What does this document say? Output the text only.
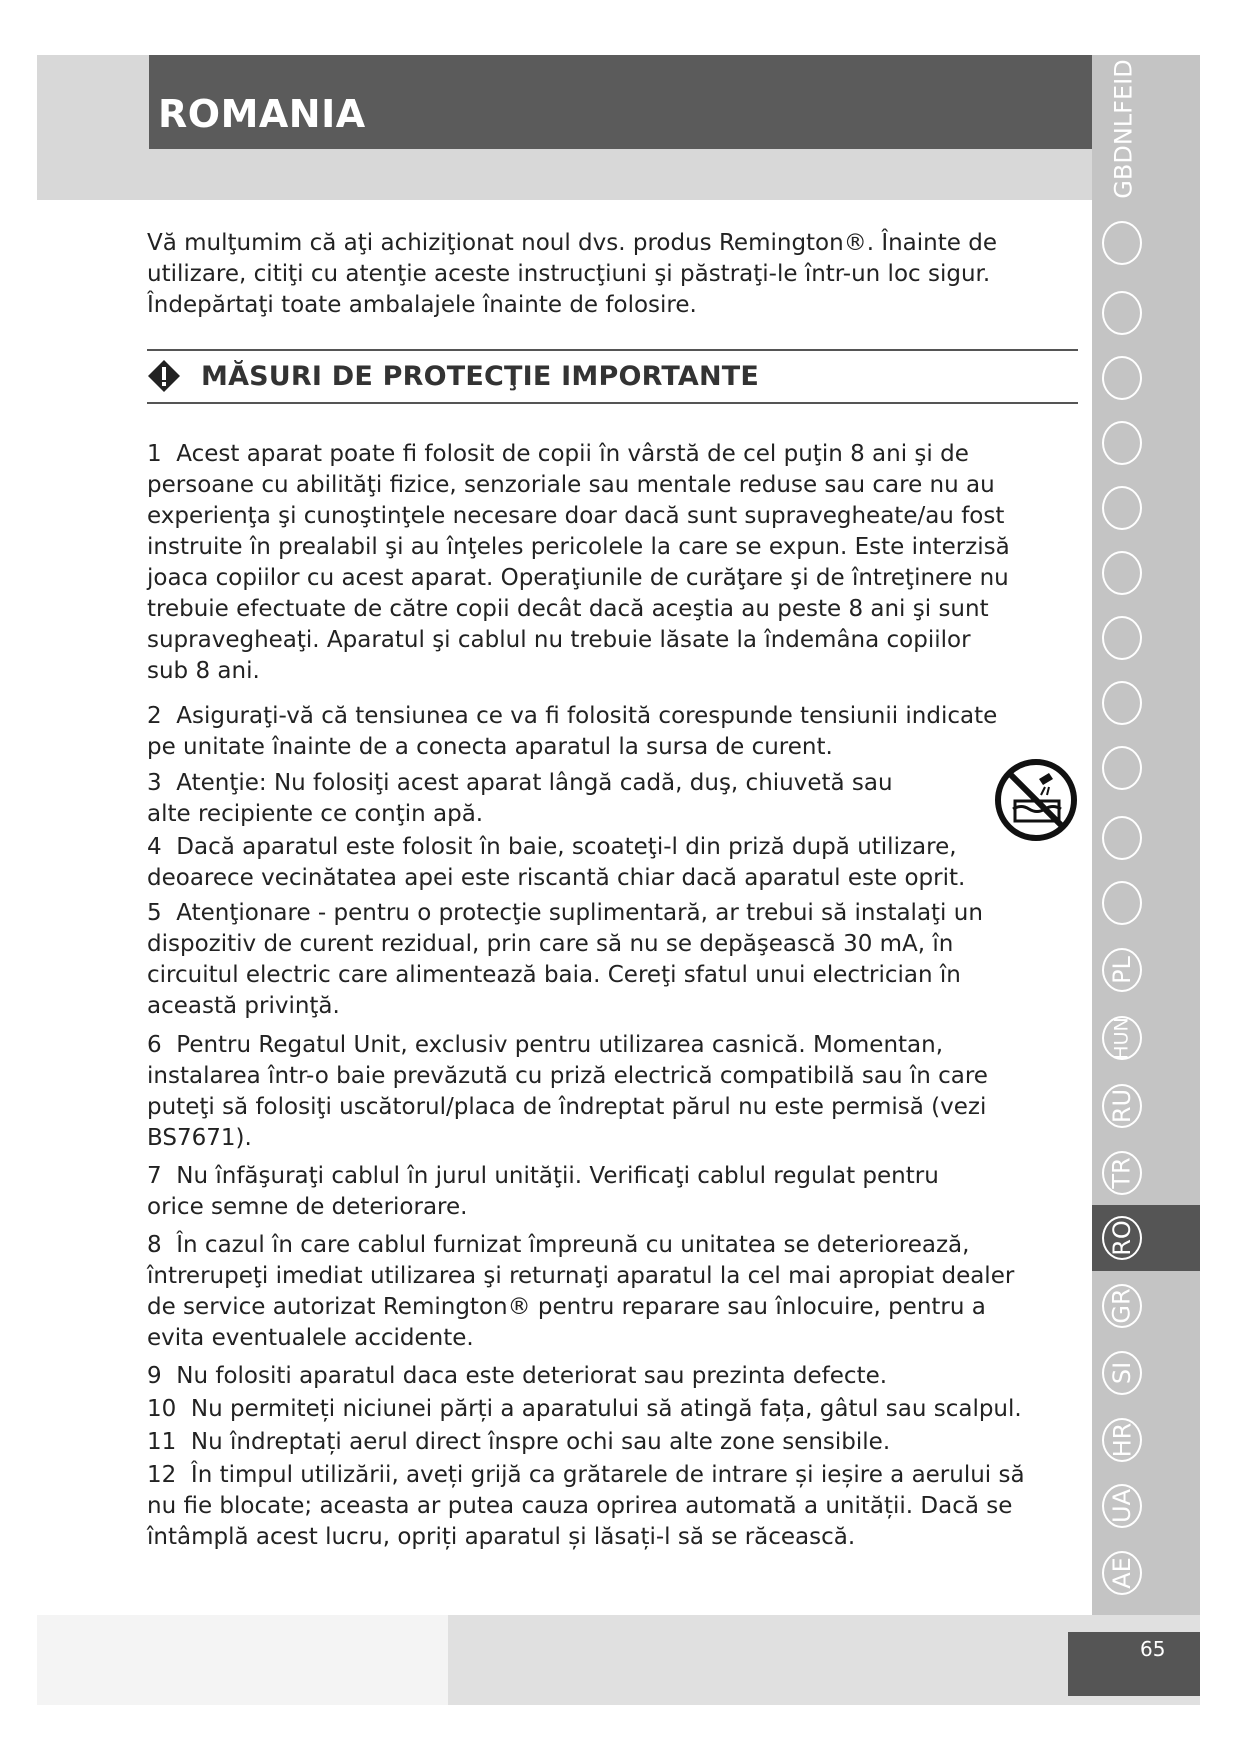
ROMANIA	GBDNLFEID
PL
HUN
RU
TR
RO
GR
SI
HR
UA
AE
65
Vă mulţumim că aţi achiziţionat noul dvs. produs Remington®. Înainte de utilizare, citiţi cu atenţie aceste instrucţiuni şi păstraţi-le într-un loc sigur. Îndepărtaţi toate ambalajele înainte de folosire.
MĂSURI DE PROTECŢIE IMPORTANTE
1 Acest aparat poate fi folosit de copii în vârstă de cel puţin 8 ani şi de persoane cu abilităţi fizice, senzoriale sau mentale reduse sau care nu au experienţa şi cunoştinţele necesare doar dacă sunt supravegheate/au fost instruite în prealabil şi au înţeles pericolele la care se expun. Este interzisă joaca copiilor cu acest aparat. Operaţiunile de curăţare şi de întreţinere nu trebuie efectuate de către copii decât dacă aceştia au peste 8 ani şi sunt supravegheaţi. Aparatul şi cablul nu trebuie lăsate la îndemâna copiilor sub 8 ani.
2 Asiguraţi-vă că tensiunea ce va fi folosită corespunde tensiunii indicate pe unitate înainte de a conecta aparatul la sursa de curent.
3 Atenţie: Nu folosiţi acest aparat lângă cadă, duş, chiuvetă sau alte recipiente ce conţin apă.
4 Dacă aparatul este folosit în baie, scoateţi-l din priză după utilizare, deoarece vecinătatea apei este riscantă chiar dacă aparatul este oprit.
5 Atenţionare - pentru o protecţie suplimentară, ar trebui să instalaţi un dispozitiv de curent rezidual, prin care să nu se depăşească 30 mA, în circuitul electric care alimentează baia. Cereţi sfatul unui electrician în această privinţă.
6 Pentru Regatul Unit, exclusiv pentru utilizarea casnică. Momentan, instalarea într-o baie prevăzută cu priză electrică compatibilă sau în care puteţi să folosiţi uscătorul/placa de îndreptat părul nu este permisă (vezi BS7671).
7 Nu înfăşuraţi cablul în jurul unităţii. Verificaţi cablul regulat pentru orice semne de deteriorare.
8 În cazul în care cablul furnizat împreună cu unitatea se deteriorează, întrerupeţi imediat utilizarea şi returnaţi aparatul la cel mai apropiat dealer de service autorizat Remington® pentru reparare sau înlocuire, pentru a evita eventualele accidente.
9 Nu folositi aparatul daca este deteriorat sau prezinta defecte.
10 Nu permiteți niciunei părți a aparatului să atingă fața, gâtul sau scalpul.
11 Nu îndreptați aerul direct înspre ochi sau alte zone sensibile.
12 În timpul utilizării, aveți grijă ca grătarele de intrare și ieșire a aerului să nu fie blocate; aceasta ar putea cauza oprirea automată a unității. Dacă se întâmplă acest lucru, opriți aparatul și lăsați-l să se răcească.
